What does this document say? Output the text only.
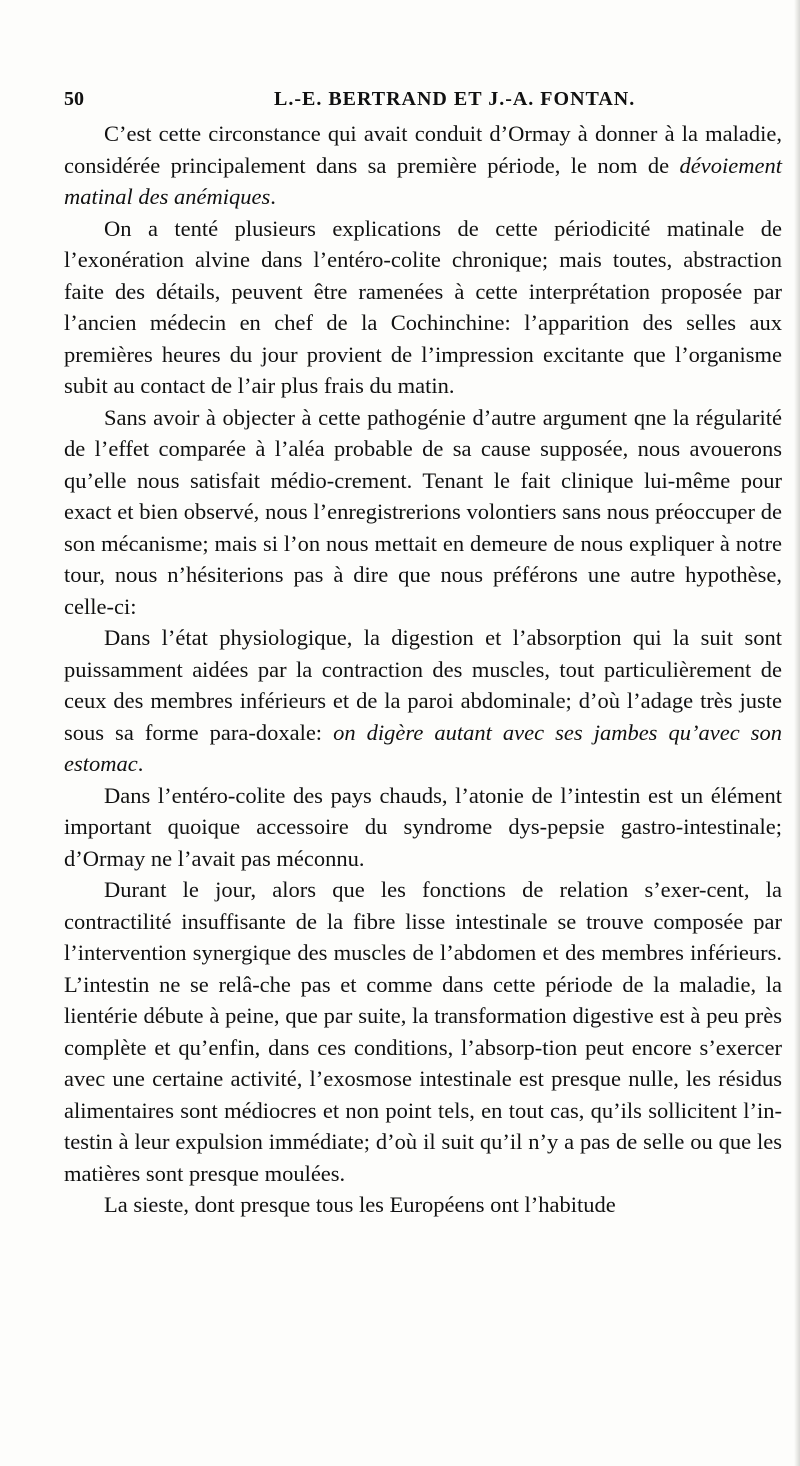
50	L.-E. BERTRAND ET J.-A. FONTAN.

C’est cette circonstance qui avait conduit d’Ormay à donner à la maladie, considérée principalement dans sa première période, le nom de dévoiement matinal des anémiques.

On a tenté plusieurs explications de cette périodicité matinale de l’exonération alvine dans l’entéro-colite chronique; mais toutes, abstraction faite des détails, peuvent être ramenées à cette interprétation proposée par l’ancien médecin en chef de la Cochinchine: l’apparition des selles aux premières heures du jour provient de l’impression excitante que l’organisme subit au contact de l’air plus frais du matin.

Sans avoir à objecter à cette pathogénie d’autre argument qne la régularité de l’effet comparée à l’aléa probable de sa cause supposée, nous avouerons qu’elle nous satisfait médio-crement. Tenant le fait clinique lui-même pour exact et bien observé, nous l’enregistrerions volontiers sans nous préoccuper de son mécanisme; mais si l’on nous mettait en demeure de nous expliquer à notre tour, nous n’hésiterions pas à dire que nous préférons une autre hypothèse, celle-ci:

Dans l’état physiologique, la digestion et l’absorption qui la suit sont puissamment aidées par la contraction des muscles, tout particulièrement de ceux des membres inférieurs et de la paroi abdominale; d’où l’adage très juste sous sa forme para-doxale: on digère autant avec ses jambes qu’avec son estomac.

Dans l’entéro-colite des pays chauds, l’atonie de l’intestin est un élément important quoique accessoire du syndrome dys-pepsie gastro-intestinale; d’Ormay ne l’avait pas méconnu.

Durant le jour, alors que les fonctions de relation s’exer-cent, la contractilité insuffisante de la fibre lisse intestinale se trouve composée par l’intervention synergique des muscles de l’abdomen et des membres inférieurs. L’intestin ne se relâ-che pas et comme dans cette période de la maladie, la lientérie débute à peine, que par suite, la transformation digestive est à peu près complète et qu’enfin, dans ces conditions, l’absorp-tion peut encore s’exercer avec une certaine activité, l’exosmose intestinale est presque nulle, les résidus alimentaires sont médiocres et non point tels, en tout cas, qu’ils sollicitent l’in-testin à leur expulsion immédiate; d’où il suit qu’il n’y a pas de selle ou que les matières sont presque moulées.

La sieste, dont presque tous les Européens ont l’habitude
